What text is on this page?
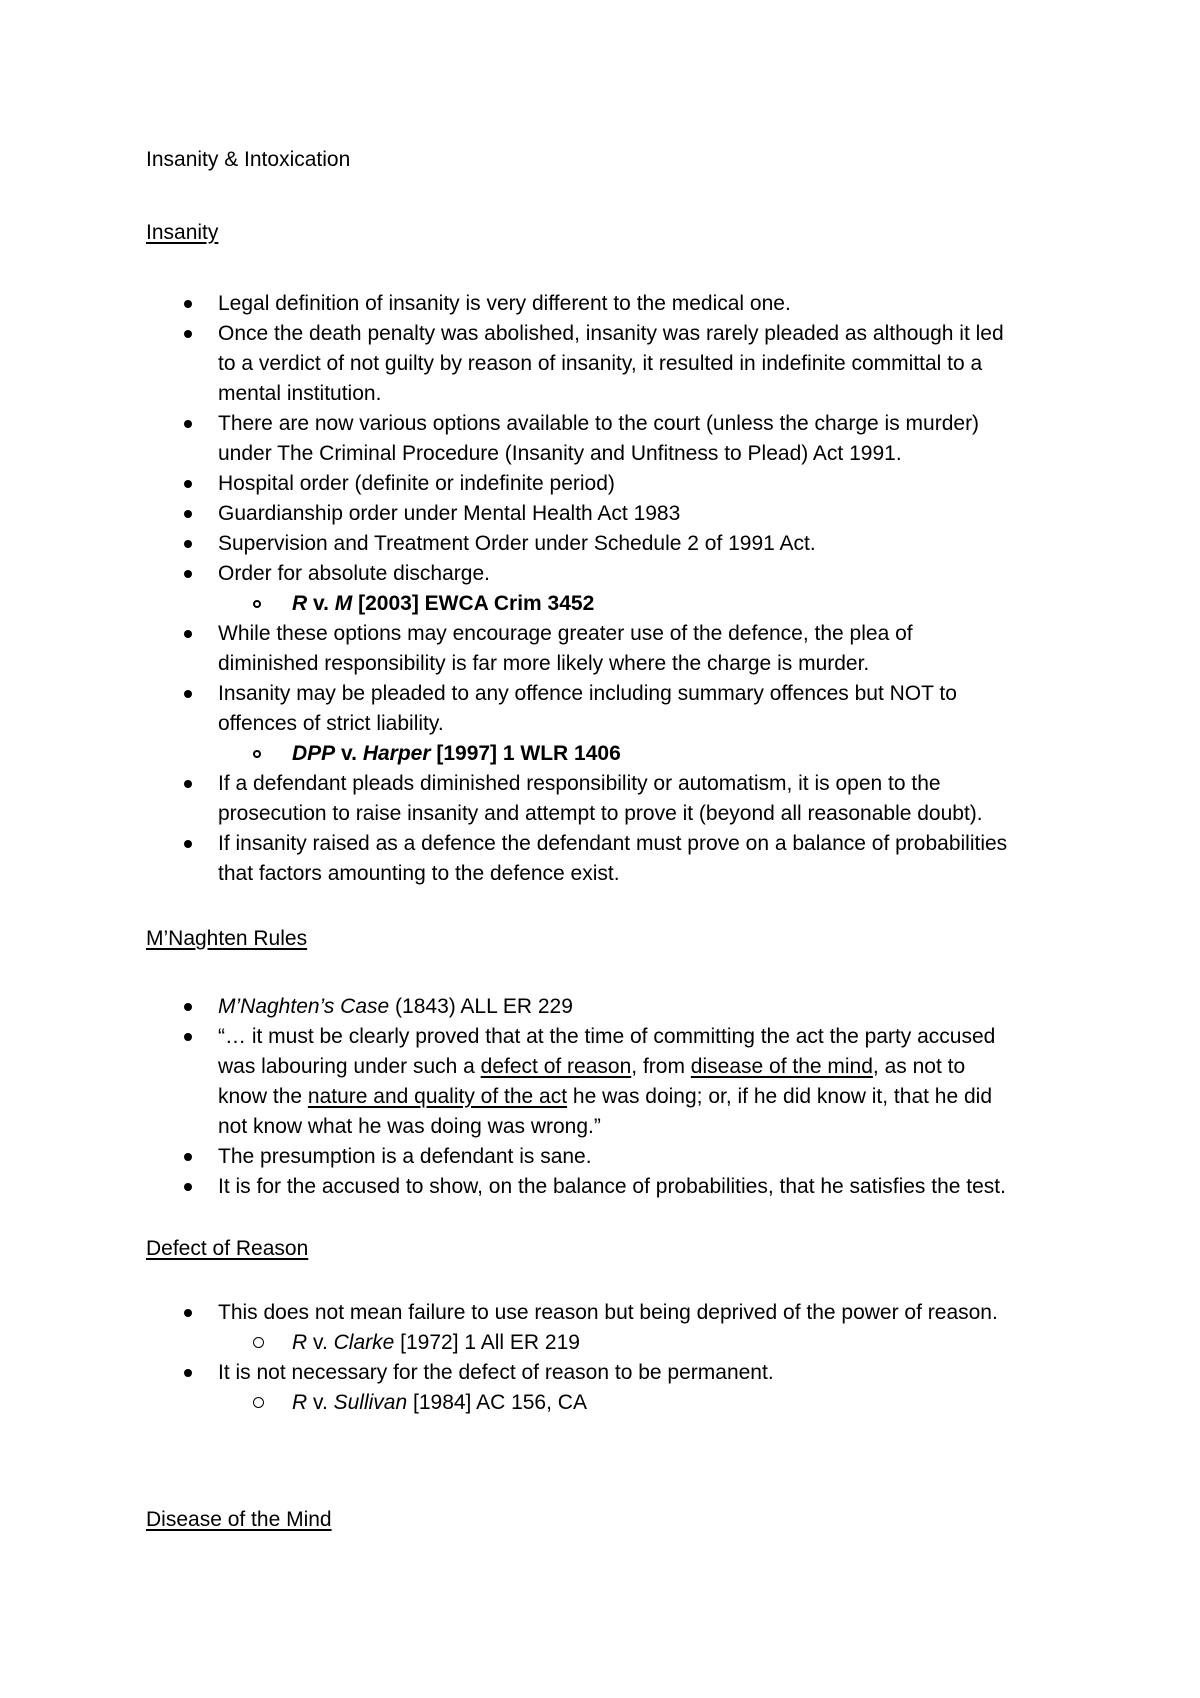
Insanity & Intoxication
Insanity
Legal definition of insanity is very different to the medical one.
Once the death penalty was abolished, insanity was rarely pleaded as although it led
to a verdict of not guilty by reason of insanity, it resulted in indefinite committal to a
mental institution.
There are now various options available to the court (unless the charge is murder)
under The Criminal Procedure (Insanity and Unfitness to Plead) Act 1991.
Hospital order (definite or indefinite period)
Guardianship order under Mental Health Act 1983
Supervision and Treatment Order under Schedule 2 of 1991 Act.
Order for absolute discharge.
R v. M [2003] EWCA Crim 3452
While these options may encourage greater use of the defence, the plea of
diminished responsibility is far more likely where the charge is murder.
Insanity may be pleaded to any offence including summary offences but NOT to
offences of strict liability.
DPP v. Harper [1997] 1 WLR 1406
If a defendant pleads diminished responsibility or automatism, it is open to the
prosecution to raise insanity and attempt to prove it (beyond all reasonable doubt).
If insanity raised as a defence the defendant must prove on a balance of probabilities
that factors amounting to the defence exist.
M’Naghten Rules
M’Naghten’s Case (1843) ALL ER 229
“… it must be clearly proved that at the time of committing the act the party accused
was labouring under such a defect of reason, from disease of the mind, as not to
know the nature and quality of the act he was doing; or, if he did know it, that he did
not know what he was doing was wrong.”
The presumption is a defendant is sane.
It is for the accused to show, on the balance of probabilities, that he satisfies the test.
Defect of Reason
This does not mean failure to use reason but being deprived of the power of reason.
R v. Clarke [1972] 1 All ER 219
It is not necessary for the defect of reason to be permanent.
R v. Sullivan [1984] AC 156, CA
Disease of the Mind
